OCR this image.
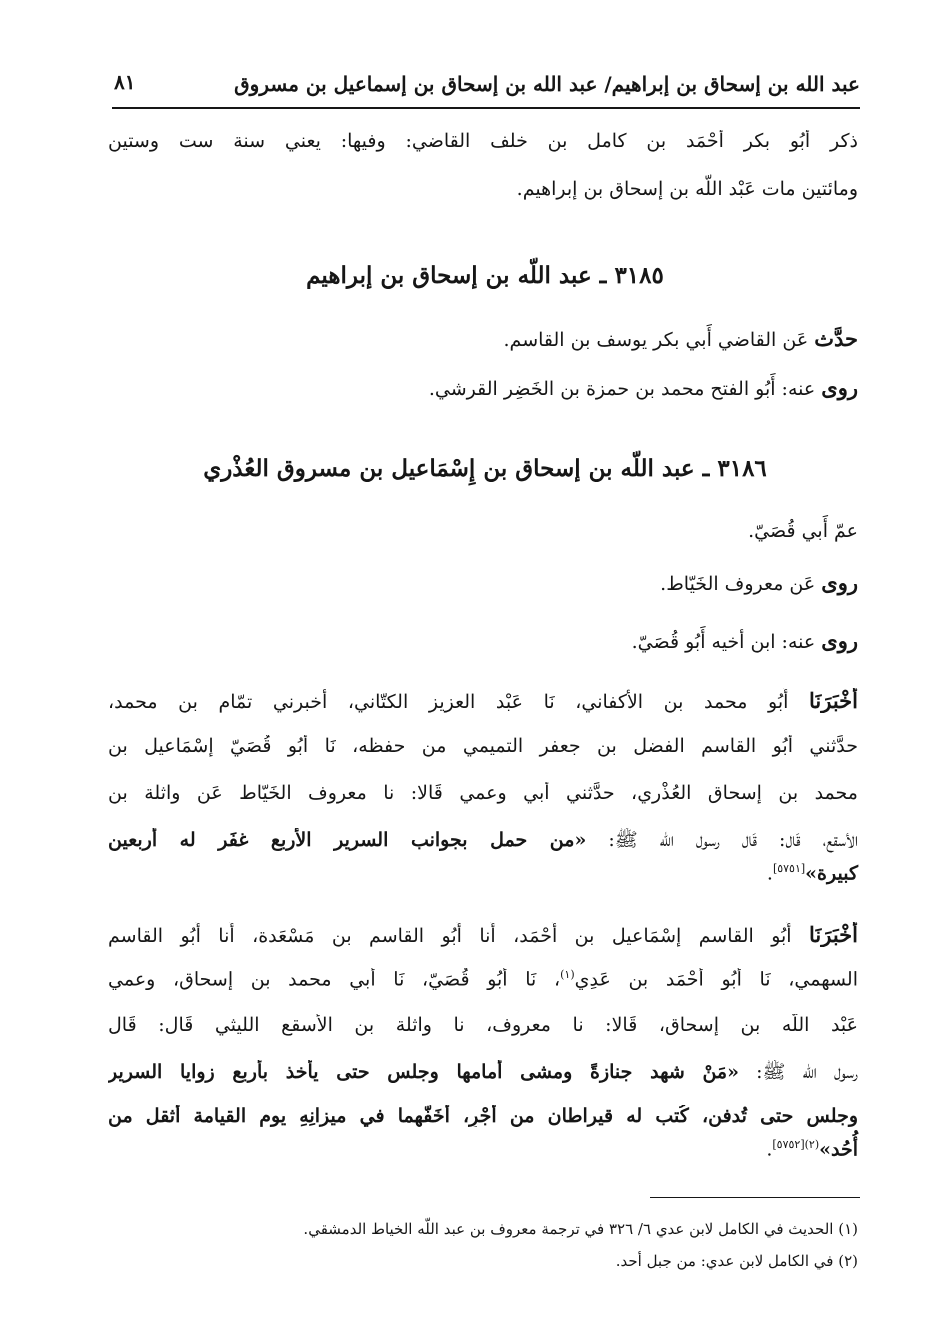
عبد الله بن إسحاق بن إبراهيم/ عبد الله بن إسحاق بن إسماعيل بن مسروق
٨١
ذكر أَبُو بكر أَحْمَد بن كامل بن خلف القاضي: وفيها: يعني سنة ست وستين
ومائتين مات عَبْد اللّه بن إسحاق بن إبراهيم.
٣١٨٥ ـ عبد اللّه بن إسحاق بن إبراهيم
حدَّث عَن القاضي أَبي بكر يوسف بن القاسم.
روى عنه: أَبُو الفتح محمد بن حمزة بن الخَضِر القرشي.
٣١٨٦ ـ عبد اللّه بن إسحاق بن إِسْمَاعيل بن مسروق العُذْري
عمّ أَبي قُصَيّ.
روى عَن معروف الخَيّاط.
روى عنه: ابن أخيه أَبُو قُصَيّ.
أَخْبَرَنَا أَبُو محمد بن الأكفاني، نَا عَبْد العزيز الكتّاني، أخبرني تمّام بن محمد،
حدَّثني أَبُو القاسم الفضل بن جعفر التميمي من حفظه، نَا أَبُو قُصَيّ إِسْمَاعيل بن
محمد بن إسحاق العُذْري، حدَّثني أَبي وعمي قَالا: نا معروف الخَيّاط عَن واثلة بن
الأسقع، قَال: قَال رسول اللّه ﷺ: «من حمل بجوانب السرير الأربع غفَر له أربعين
كبيرة»[٥٧٥١].
أَخْبَرَنَا أَبُو القاسم إِسْمَاعيل بن أَحْمَد، أَنا أَبُو القاسم بن مَسْعَدة، أَنا أَبُو القاسم
السهمي، نَا أَبُو أَحْمَد بن عَدِي$^{(١)}$، نَا أَبُو قُصَيّ، نَا أَبي محمد بن إسحاق، وعمي
عَبْد اللّه بن إسحاق، قَالا: نا معروف، نا واثلة بن الأسقع الليثي قَال: قَال
رسول اللّه ﷺ: «مَنْ شهد جنازةً ومشى أمامها وجلس حتى يأخذ بأربع زوايا السرير
وجلس حتى تُدفن، كُتب له قيراطان من أَجْرٍ، أَخَفّهما في ميزانِهِ يوم القيامة أثقل من
أُحُد»$^{(٢)[٥٧٥٢]}$.
(١) الحديث في الكامل لابن عدي ٦/ ٣٢٦ في ترجمة معروف بن عبد اللّه الخياط الدمشقي.
(٢) في الكامل لابن عدي: من جبل أحد.
